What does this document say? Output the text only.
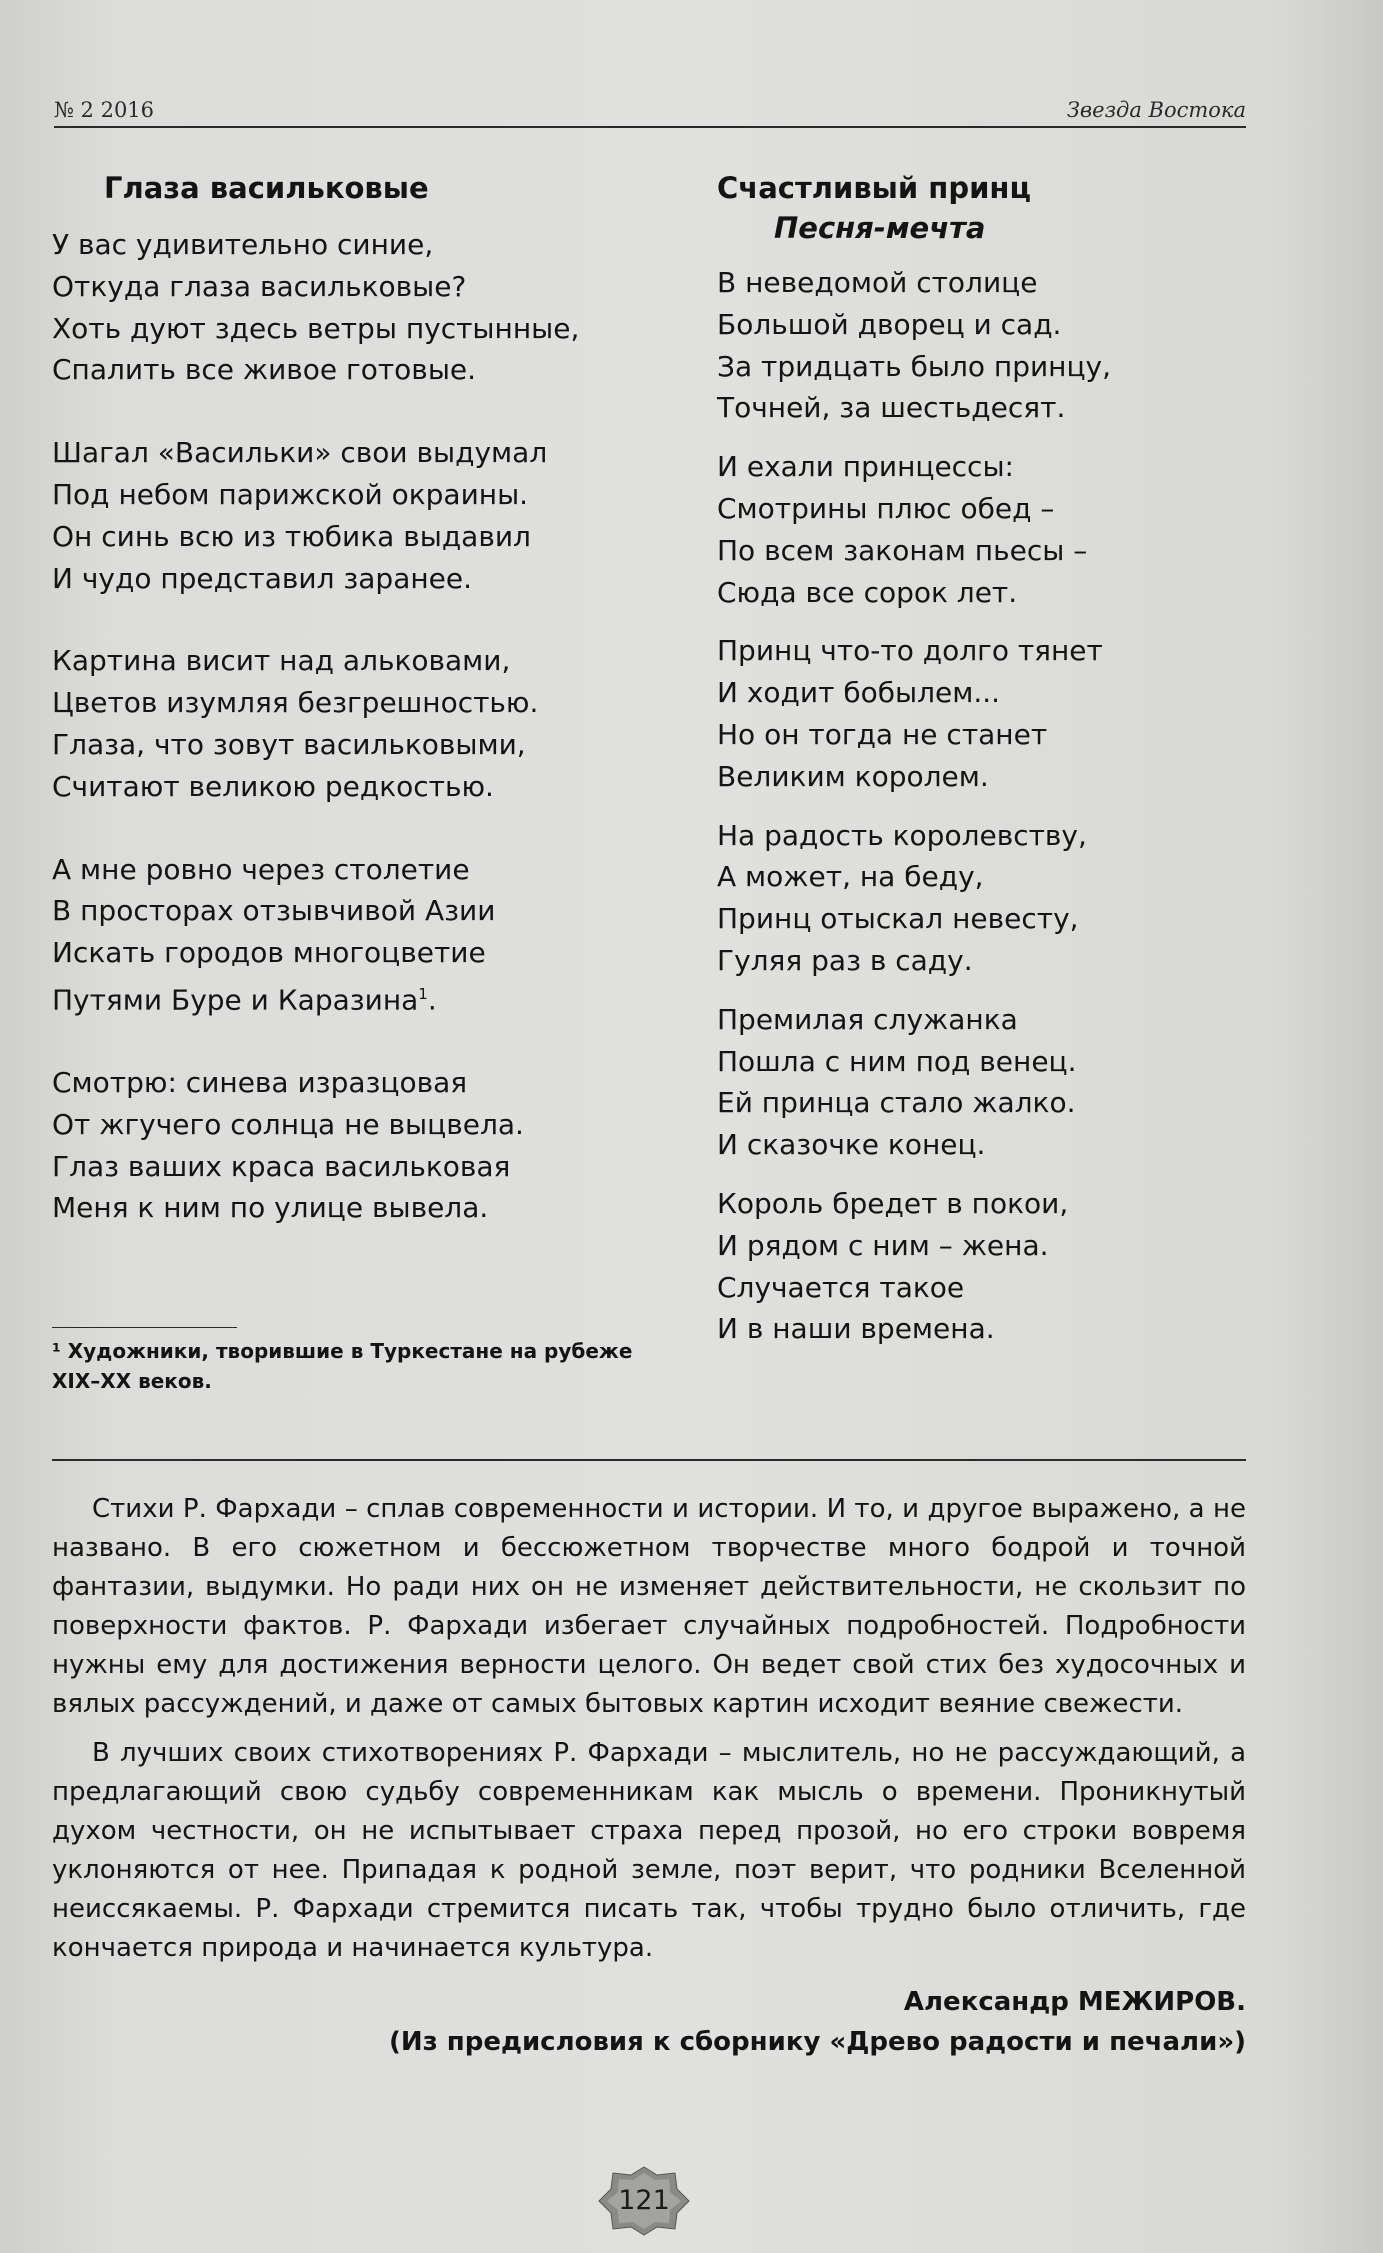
№ 2 2016	Звезда Востока
Глаза васильковые
У вас удивительно синие,
Откуда глаза васильковые?
Хоть дуют здесь ветры пустынные,
Спалить все живое готовые.
Шагал «Васильки» свои выдумал
Под небом парижской окраины.
Он синь всю из тюбика выдавил
И чудо представил заранее.
Картина висит над альковами,
Цветов изумляя безгрешностью.
Глаза, что зовут васильковыми,
Считают великою редкостью.
А мне ровно через столетие
В просторах отзывчивой Азии
Искать городов многоцветие
Путями Буре и Каразина$^1$.
Смотрю: синева изразцовая
От жгучего солнца не выцвела.
Глаз ваших краса васильковая
Меня к ним по улице вывела.
¹ Художники, творившие в Туркестане на рубеже XIX–XX веков.
Счастливый принц
Песня-мечта
В неведомой столице
Большой дворец и сад.
За тридцать было принцу,
Точней, за шестьдесят.
И ехали принцессы:
Смотрины плюс обед –
По всем законам пьесы –
Сюда все сорок лет.
Принц что-то долго тянет
И ходит бобылем...
Но он тогда не станет
Великим королем.
На радость королевству,
А может, на беду,
Принц отыскал невесту,
Гуляя раз в саду.
Премилая служанка
Пошла с ним под венец.
Ей принца стало жалко.
И сказочке конец.
Король бредет в покои,
И рядом с ним – жена.
Случается такое
И в наши времена.

Стихи Р. Фархади – сплав современности и истории. И то, и другое выражено, а не названо. В его сюжетном и бессюжетном творчестве много бодрой и точной фантазии, выдумки. Но ради них он не изменяет действительности, не скользит по поверхности фактов. Р. Фархади избегает случайных подробностей. Подробности нужны ему для достижения верности целого. Он ведет свой стих без худосочных и вялых рассуждений, и даже от самых бытовых картин исходит веяние свежести.

В лучших своих стихотворениях Р. Фархади – мыслитель, но не рассуждающий, а предлагающий свою судьбу современникам как мысль о времени. Проникнутый духом честности, он не испытывает страха перед прозой, но его строки вовремя уклоняются от нее. Припадая к родной земле, поэт верит, что родники Вселенной неиссякаемы. Р. Фархади стремится писать так, чтобы трудно было отличить, где кончается природа и начинается культура.

Александр МЕЖИРОВ.
(Из предисловия к сборнику «Древо радости и печали»)
121
